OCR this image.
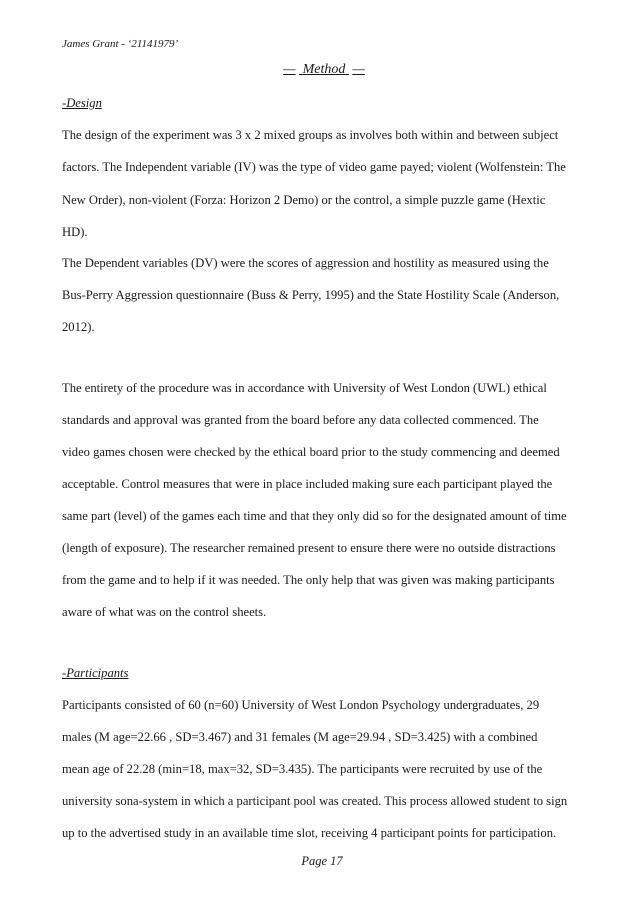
James Grant - ‘21141979’
— Method —
-Design
The design of the experiment was 3 x 2 mixed groups as involves both within and between subject
factors. The Independent variable (IV) was the type of video game payed; violent (Wolfenstein: The
New Order), non-violent (Forza: Horizon 2 Demo) or the control, a simple puzzle game (Hextic
HD).
The Dependent variables (DV) were the scores of aggression and hostility as measured using the
Bus-Perry Aggression questionnaire (Buss & Perry, 1995) and the State Hostility Scale (Anderson,
2012).
The entirety of the procedure was in accordance with University of West London (UWL) ethical
standards and approval was granted from the board before any data collected commenced. The
video games chosen were checked by the ethical board prior to the study commencing and deemed
acceptable. Control measures that were in place included making sure each participant played the
same part (level) of the games each time and that they only did so for the designated amount of time
(length of exposure). The researcher remained present to ensure there were no outside distractions
from the game and to help if it was needed. The only help that was given was making participants
aware of what was on the control sheets.
-Participants
Participants consisted of 60 (n=60) University of West London Psychology undergraduates, 29
males (M age=22.66 , SD=3.467) and 31 females (M age=29.94 , SD=3.425) with a combined
mean age of 22.28 (min=18, max=32, SD=3.435). The participants were recruited by use of the
university sona-system in which a participant pool was created. This process allowed student to sign
up to the advertised study in an available time slot, receiving 4 participant points for participation.
Page 17
